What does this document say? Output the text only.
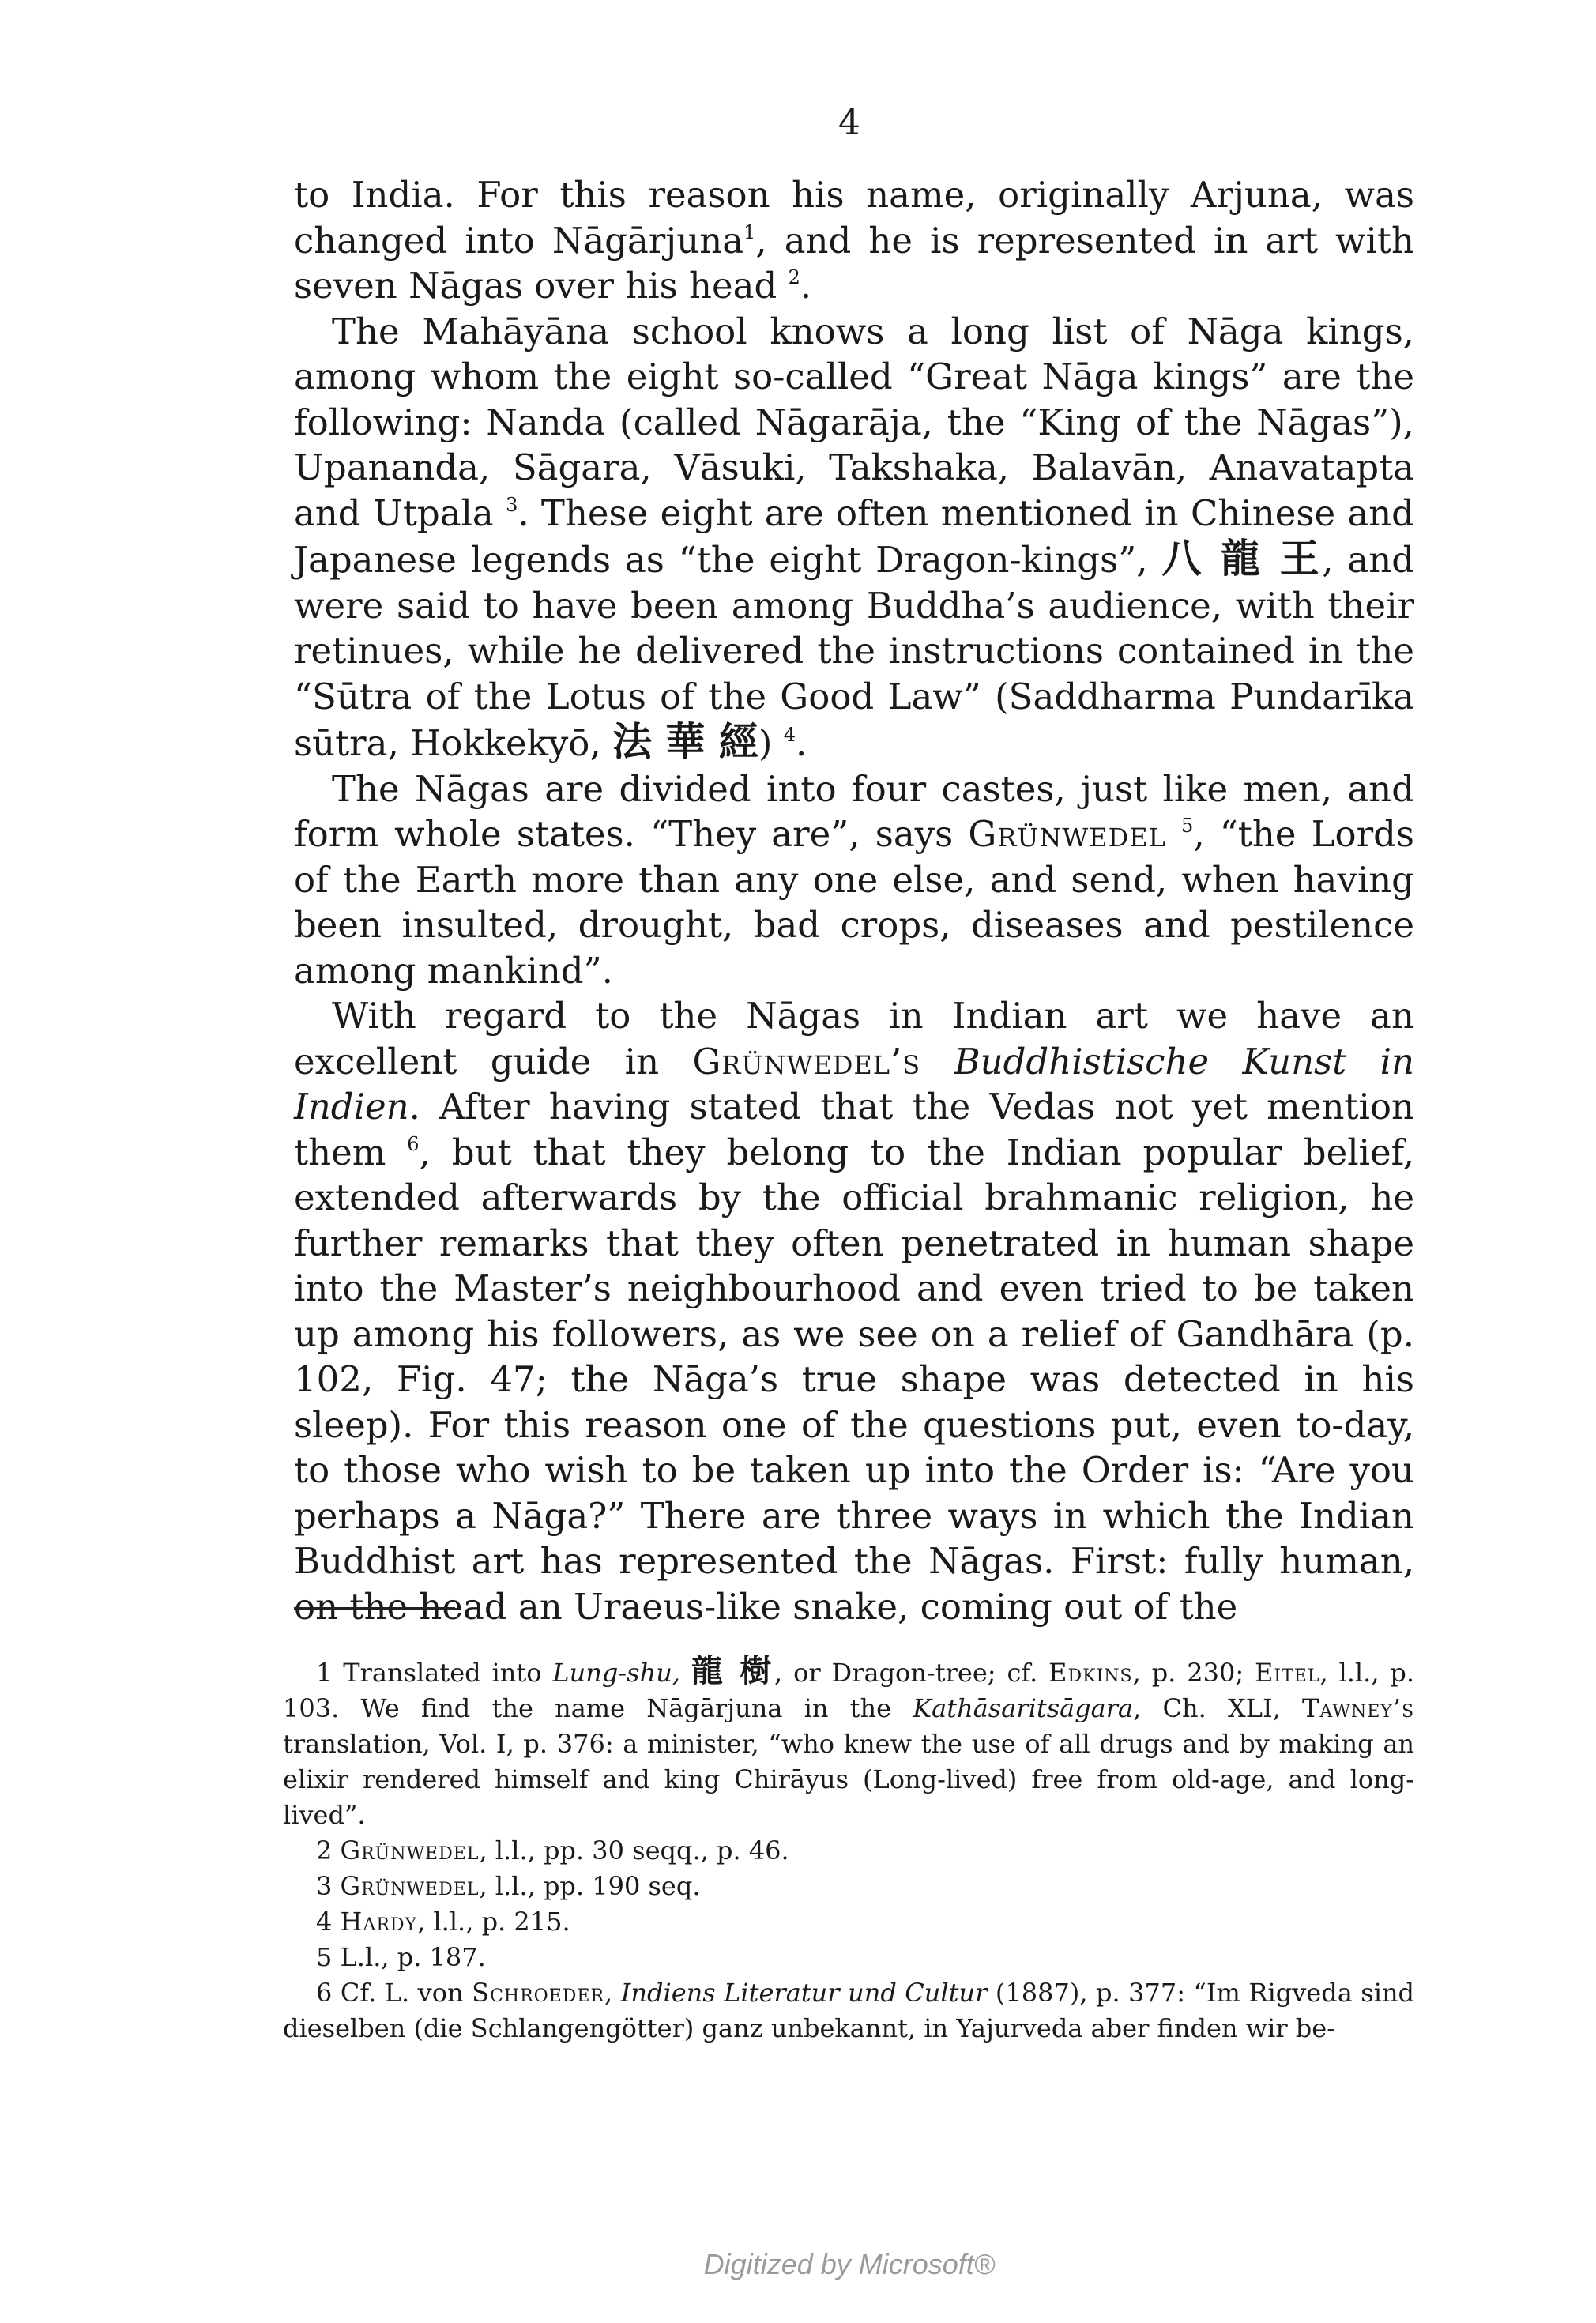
4

to India. For this reason his name, originally Arjuna, was changed into Nāgārjuna$^1$, and he is represented in art with seven Nāgas over his head $^2$.

The Mahāyāna school knows a long list of Nāga kings, among whom the eight so-called “Great Nāga kings” are the following: Nanda (called Nāgarāja, the “King of the Nāgas”), Upananda, Sāgara, Vāsuki, Takshaka, Balavān, Anavatapta and Utpala $^3$. These eight are often mentioned in Chinese and Japanese legends as “the eight Dragon-kings”, 八 龍 王, and were said to have been among Buddha’s audience, with their retinues, while he delivered the instructions contained in the “Sūtra of the Lotus of the Good Law” (Saddharma Pundarīka sūtra, Hokkekyō, 法 華 經) $^4$.

The Nāgas are divided into four castes, just like men, and form whole states. “They are”, says Grünwedel $^5$, “the Lords of the Earth more than any one else, and send, when having been insulted, drought, bad crops, diseases and pestilence among mankind”.

With regard to the Nāgas in Indian art we have an excellent guide in Grünwedel’s Buddhistische Kunst in Indien. After having stated that the Vedas not yet mention them $^6$, but that they belong to the Indian popular belief, extended afterwards by the official brahmanic religion, he further remarks that they often penetrated in human shape into the Master’s neighbourhood and even tried to be taken up among his followers, as we see on a relief of Gandhāra (p. 102, Fig. 47; the Nāga’s true shape was detected in his sleep). For this reason one of the questions put, even to-day, to those who wish to be taken up into the Order is: “Are you perhaps a Nāga?” There are three ways in which the Indian Buddhist art has represented the Nāgas. First: fully human, on the head an Uraeus-like snake, coming out of the

1 Translated into Lung-shu, 龍 樹, or Dragon-tree; cf. Edkins, p. 230; Eitel, l.l., p. 103. We find the name Nāgārjuna in the Kathāsaritsāgara, Ch. XLI, Tawney’s translation, Vol. I, p. 376: a minister, “who knew the use of all drugs and by making an elixir rendered himself and king Chirāyus (Long-lived) free from old-age, and long-lived”.

2 Grünwedel, l.l., pp. 30 seqq., p. 46.

3 Grünwedel, l.l., pp. 190 seq.

4 Hardy, l.l., p. 215.

5 L.l., p. 187.

6 Cf. L. von Schroeder, Indiens Literatur und Cultur (1887), p. 377: “Im Rigveda sind dieselben (die Schlangengötter) ganz unbekannt, in Yajurveda aber finden wir be-

Digitized by Microsoft®
